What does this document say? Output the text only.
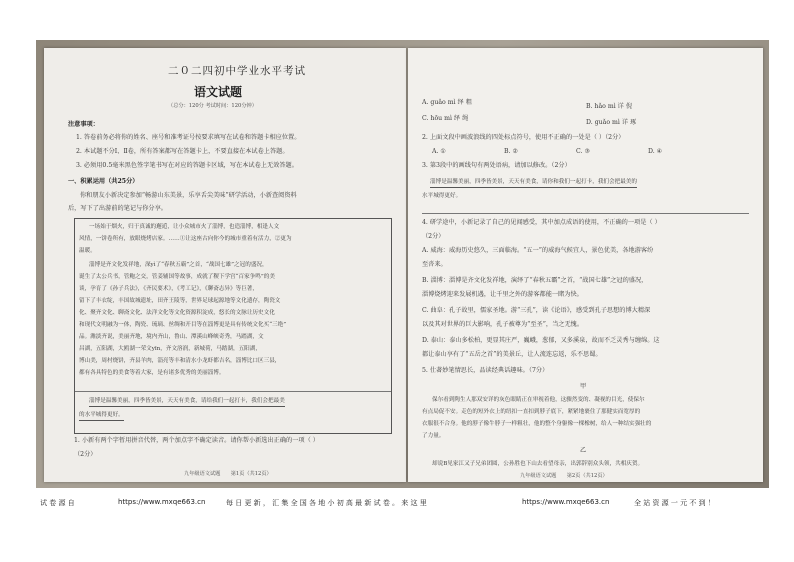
二０二四初中学业水平考试
语文试题
（总分：120分 考试时间：120分钟）
注意事项：
1. 答卷前务必将你的姓名、座号和准考证号按要求填写在试卷和答题卡相应位置。
2. 本试题不分Ⅰ、Ⅱ卷，所有答案都写在答题卡上，不要直接在本试卷上答题。
3. 必须用0.5毫米黑色签字笔书写在对应的答题卡区域，写在本试卷上无效答题。
一、积累运用（共25分）
你和朋友小新决定参加“畅游山东美景，乐享舌尖美味”研学活动，小新查阅资料
后，写下了出游前的笔记与你分享。
一场始于烟火，归于真诚的邂逅，让小众城市火了淄博，也造淄博，相逢人文
风情，一饼卷所有，放眼烧烤店家。……①让这座古向你今的城市重着有活力，②更为
温暖。
淄博是齐文化发祥地，深yì了“春秋五霸”之首，“战国七雄”之冠的盛况，
诞生了太公兵书，管鲍之交，管姜辅国等故事，成就了稷下学宫“百家争鸣”的美
谈，孕育了《孙子兵法》，《齐民要术》，《考工记》，《聊斋志异》等巨著，
留下了丰衣绽，丰国故城遗址，田齐王陵等，世界足球起源地等文化遗存，陶瓷文
化、聚齐文化、聊斋文化、法洋文化等文化资源积淀成，悠长的文脉让历史文化
和现代文明融为一体，陶瓷、琉璃、丝绸和开目等在淄博更是具有传统文化买“三绝”
品。潍淡齐说，美丽齐地，境内齐山，鲁山、潭溪山峰峡奇秀，马踏湖，文
昌湖，五阳湖，大鸥湖一荣文yīn，齐文溶润，新城荷，马踏湖，五阳湖，
博山美，周村烧饼，齐县羊肉，淄亮等丰和清水小龙虾都吉名，淄博比口区三县，
都有各具特色的美食等着大家，是有诸多优秀的美丽淄博。
淄博是温馨美丽，四季皆美景，天天有美食，请给我们一起打卡，我们会把最美
的水平城得更好。
1. 小新有两个字暂用拼音代替，两个加点字不确定读音。请你帮小新选出正确的一项（ ）
（2分）
九年级语文试题　　第1页（共12页）
A. guǎo mì 绎 粗
B. hǎo mì 详 倪
C. hōu mì 绎 绳
D. guǎo mì 详 琢
2. 上面文段中画波浪线的四处标点符号，使用不正确的一处是（ ）（2分）
A. ①	B. ②	C. ③	D. ④
3. 第3段中的画线句有两处语病，请加以修改。（2分）
淄博是温馨美丽，四季皆美景，天天有美食，请你和我们一起打卡，我们会把最美的
水平城得更好。
4. 研学途中，小新记录了自己的见闻感受，其中加点成语的使用，不正确的一项是（ ）
（2分）
A. 威海：威海历史悠久，三面临海。“五一”的威海气候宜人，景色优美，各地游客纷
至沓来。
B. 淄博：淄博是齐文化发祥地，演绎了“春秋五霸”之首，“战国七雄”之冠的盛况，
淄博烧烤迎来发展机遇，让千里之外的游客都能一睹为快。
C. 曲阜：孔子故里，儒家圣地。游“三孔”，读《论语》，感受到孔子思想的博大精深
以及其对世界的巨大影响，孔子被尊为“至圣”，当之无愧。
D. 泰山：泰山多松柏，更显其庄严，巍峨，葱郁，又多溪泉，故而不乏灵秀与缠绵。这
都让泰山享有了“五岳之首”的美景丘，让人流连忘返，乐不思蜀。
5. 仕著妙笔情思长，品读经典话趣味。（7分）
甲
保尔看到陶生人那双安详的灰色眼睛正在审视着他，这骤然变的、凝视的目光，使保尔
有点局促不安。走色的短外衣上的纽扣一直扣到脖子底下，紧紧地裹住了那健实而宽厚的
衣服很不合身。他的脖子像牛脖子一样粗壮，他的整个身躯像一棵橡树，给人一种结实强壮的
了力量。
乙
却说B见家江又子兄弟团圆，公孙胜也下山去看望母亲，出郭辞别众头领，共相庆贺。
九年级语文试题　　第2页（共12页）
试 卷 源 自	https://www.mxqe663.cn	每 日 更 新 ， 汇 集 全 国 各 地 小 初 高 最 新 试 卷 。 来 这 里	https://www.mxqe663.cn	全 站 资 源 一 元 不 到 ！
